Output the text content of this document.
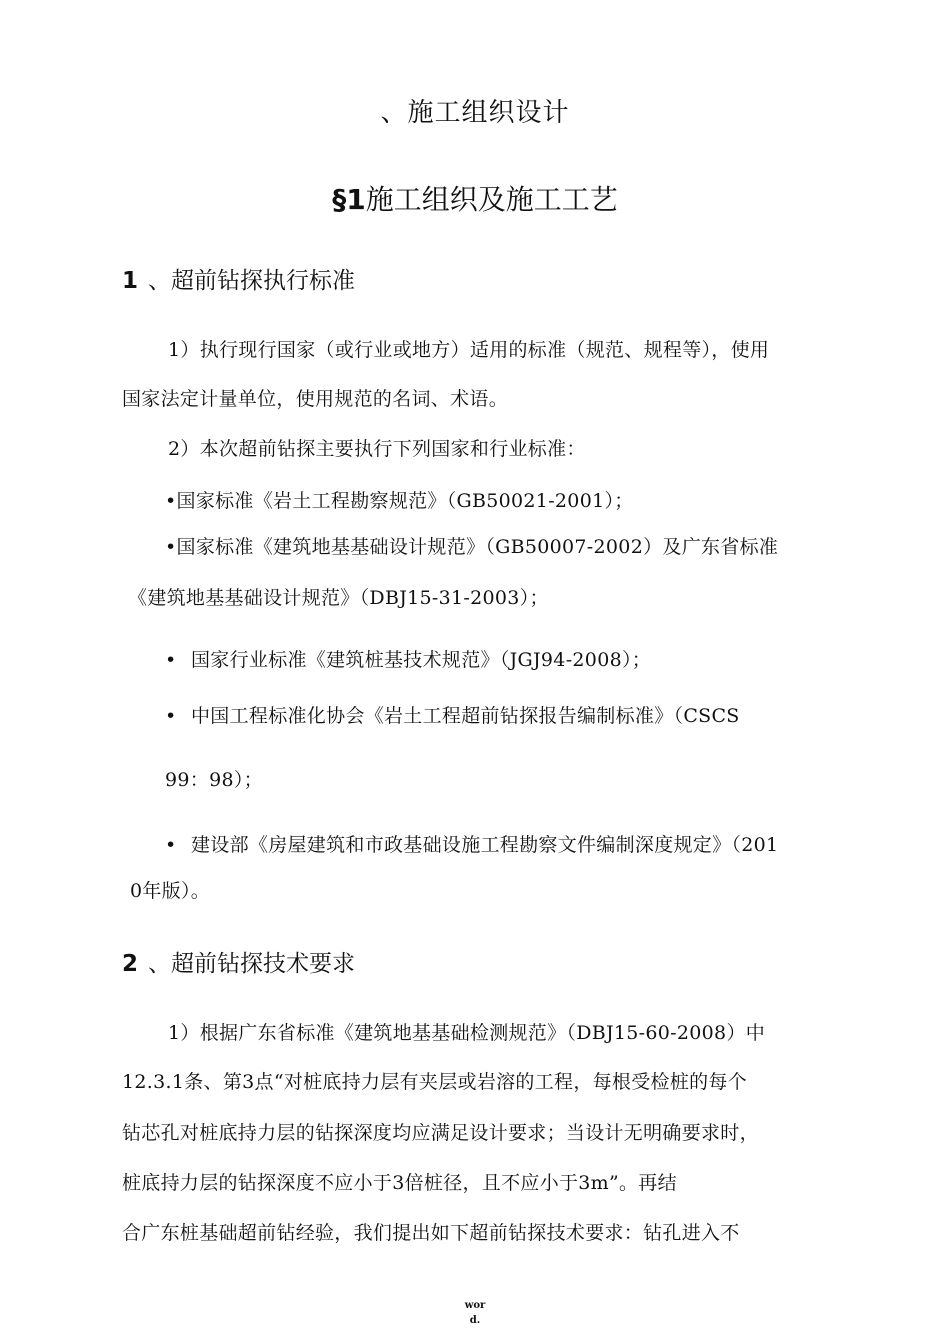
、施工组织设计
§1施工组织及施工工艺
1 、超前钻探执行标准
1）执行现行国家（或行业或地方）适用的标准（规范、规程等），使用
国家法定计量单位，使用规范的名词、术语。
2）本次超前钻探主要执行下列国家和行业标准：
•国家标准《岩土工程勘察规范》（GB50021-2001）；
•国家标准《建筑地基基础设计规范》（GB50007-2002）及广东省标准
《建筑地基基础设计规范》（DBJ15-31-2003）；
• 国家行业标准《建筑桩基技术规范》（JGJ94-2008）；
• 中国工程标准化协会《岩土工程超前钻探报告编制标准》（CSCS
99：98）；
• 建设部《房屋建筑和市政基础设施工程勘察文件编制深度规定》（201
0年版）。
2 、超前钻探技术要求
1）根据广东省标准《建筑地基基础检测规范》（DBJ15-60-2008）中
12.3.1条、第3点“对桩底持力层有夹层或岩溶的工程，每根受检桩的每个
钻芯孔对桩底持力层的钻探深度均应满足设计要求；当设计无明确要求时，
桩底持力层的钻探深度不应小于3倍桩径，且不应小于3m”。再结
合广东桩基础超前钻经验，我们提出如下超前钻探技术要求：钻孔进入不
wor
d.
